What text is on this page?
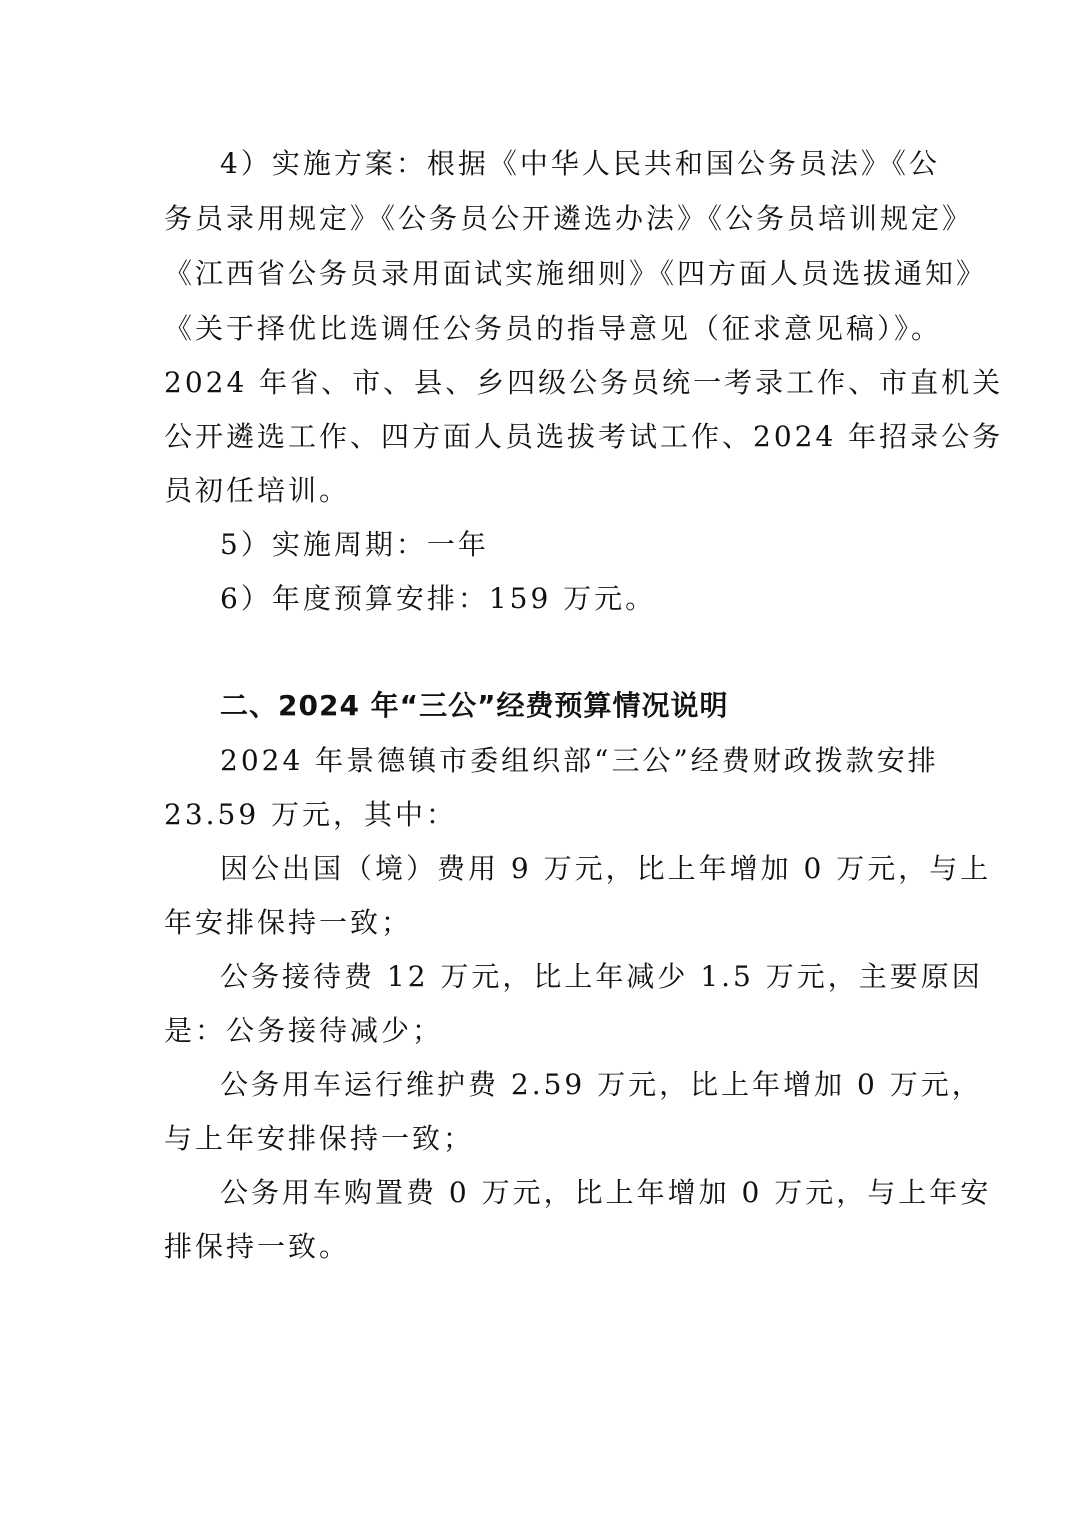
4）实施方案：根据《中华人民共和国公务员法》《公
务员录用规定》《公务员公开遴选办法》《公务员培训规定》
《江西省公务员录用面试实施细则》《四方面人员选拔通知》
《关于择优比选调任公务员的指导意见（征求意见稿）》。
2024 年省、市、县、乡四级公务员统一考录工作、市直机关
公开遴选工作、四方面人员选拔考试工作、2024 年招录公务
员初任培训。
5）实施周期：一年
6）年度预算安排：159 万元。
二、2024 年“三公”经费预算情况说明
2024 年景德镇市委组织部“三公”经费财政拨款安排
23.59 万元，其中：
因公出国（境）费用 9 万元，比上年增加 0 万元，与上
年安排保持一致；
公务接待费 12 万元，比上年减少 1.5 万元，主要原因
是：公务接待减少；
公务用车运行维护费 2.59 万元，比上年增加 0 万元，
与上年安排保持一致；
公务用车购置费 0 万元，比上年增加 0 万元，与上年安
排保持一致。
